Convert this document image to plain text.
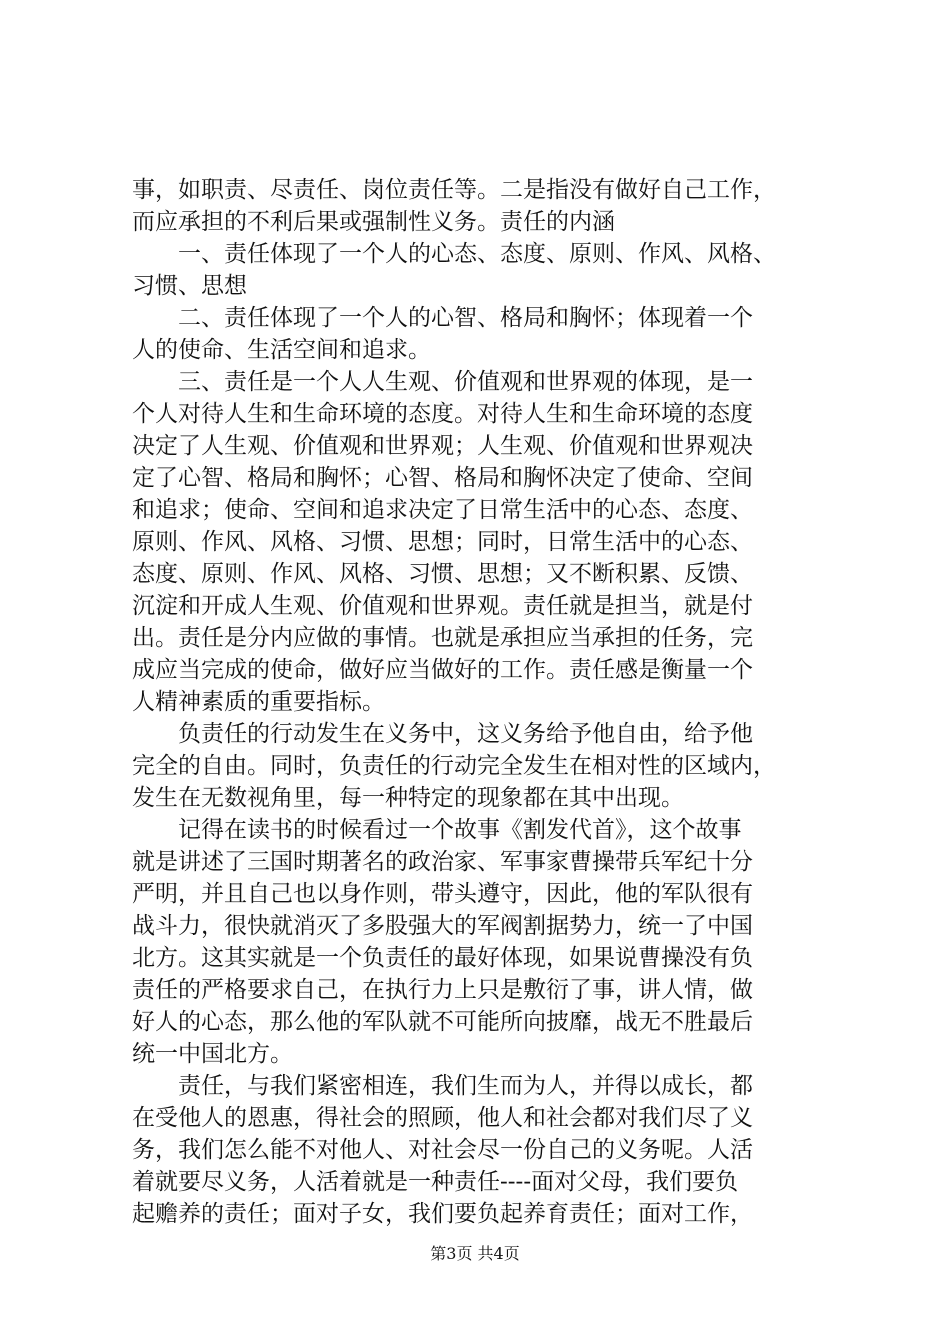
事，如职责、尽责任、岗位责任等。二是指没有做好自己工作，
而应承担的不利后果或强制性义务。责任的内涵
　　一、责任体现了一个人的心态、态度、原则、作风、风格、
习惯、思想
　　二、责任体现了一个人的心智、格局和胸怀；体现着一个
人的使命、生活空间和追求。
　　三、责任是一个人人生观、价值观和世界观的体现，是一
个人对待人生和生命环境的态度。对待人生和生命环境的态度
决定了人生观、价值观和世界观；人生观、价值观和世界观决
定了心智、格局和胸怀；心智、格局和胸怀决定了使命、空间
和追求；使命、空间和追求决定了日常生活中的心态、态度、
原则、作风、风格、习惯、思想；同时，日常生活中的心态、
态度、原则、作风、风格、习惯、思想；又不断积累、反馈、
沉淀和开成人生观、价值观和世界观。责任就是担当，就是付
出。责任是分内应做的事情。也就是承担应当承担的任务，完
成应当完成的使命，做好应当做好的工作。责任感是衡量一个
人精神素质的重要指标。
　　负责任的行动发生在义务中，这义务给予他自由，给予他
完全的自由。同时，负责任的行动完全发生在相对性的区域内，
发生在无数视角里，每一种特定的现象都在其中出现。
　　记得在读书的时候看过一个故事《割发代首》，这个故事
就是讲述了三国时期著名的政治家、军事家曹操带兵军纪十分
严明，并且自己也以身作则，带头遵守，因此，他的军队很有
战斗力，很快就消灭了多股强大的军阀割据势力，统一了中国
北方。这其实就是一个负责任的最好体现，如果说曹操没有负
责任的严格要求自己，在执行力上只是敷衍了事，讲人情，做
好人的心态，那么他的军队就不可能所向披靡，战无不胜最后
统一中国北方。
　　责任，与我们紧密相连，我们生而为人，并得以成长，都
在受他人的恩惠，得社会的照顾，他人和社会都对我们尽了义
务，我们怎么能不对他人、对社会尽一份自己的义务呢。人活
着就要尽义务，人活着就是一种责任----面对父母，我们要负
起赡养的责任；面对子女，我们要负起养育责任；面对工作，
第3页 共4页
